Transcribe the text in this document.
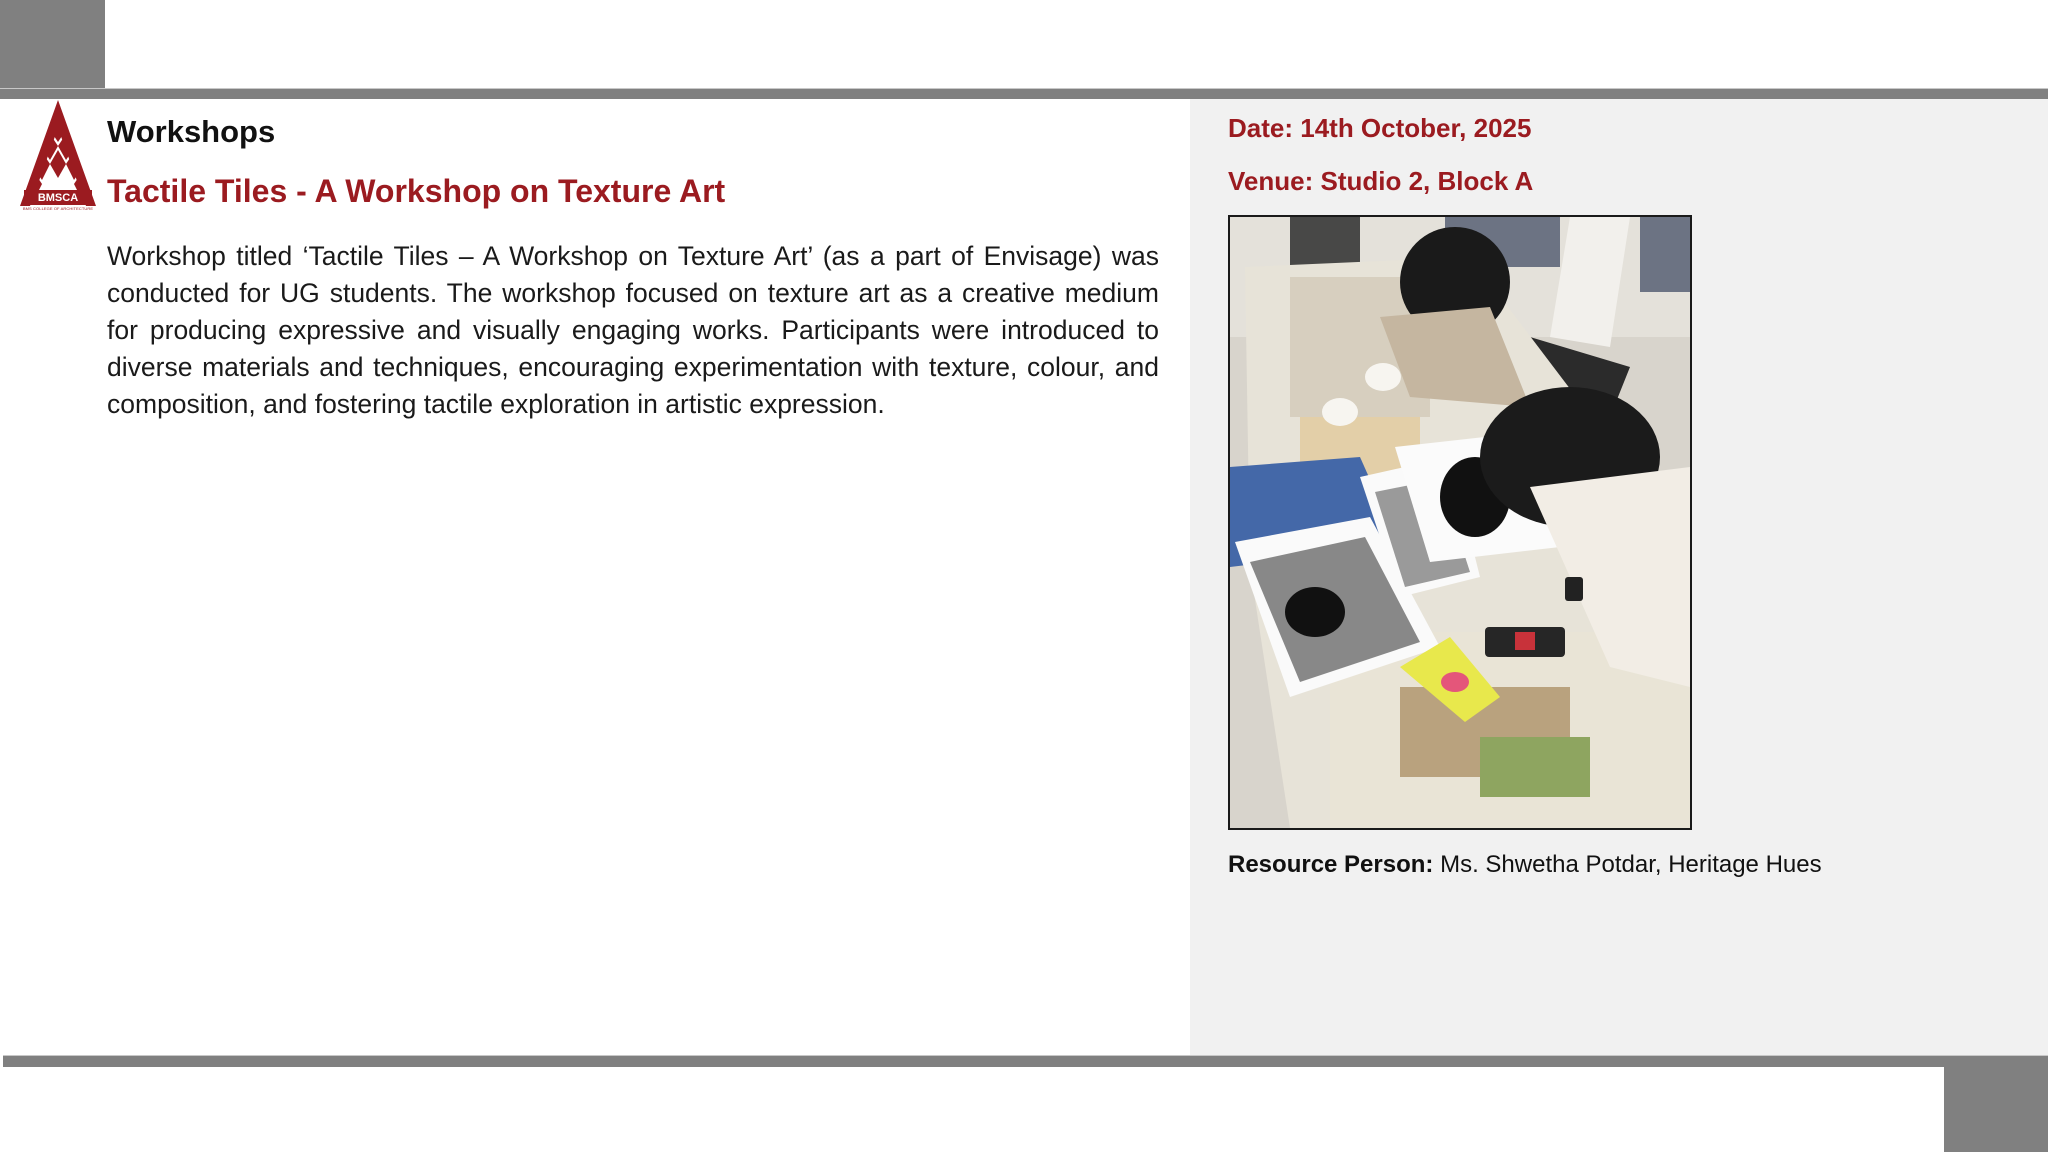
BMSCA
BMS COLLEGE OF ARCHITECTURE
Workshops
Tactile Tiles - A Workshop on Texture Art

Workshop titled ‘Tactile Tiles – A Workshop on Texture Art’ (as a part of Envisage) was conducted for UG students. The workshop focused on texture art as a creative medium for producing expressive and visually engaging works. Participants were introduced to diverse materials and techniques, encouraging experimentation with texture, colour, and composition, and fostering tactile exploration in artistic expression.

Date: 14th October, 2025

Venue: Studio 2, Block A

Resource Person: Ms. Shwetha Potdar, Heritage Hues
